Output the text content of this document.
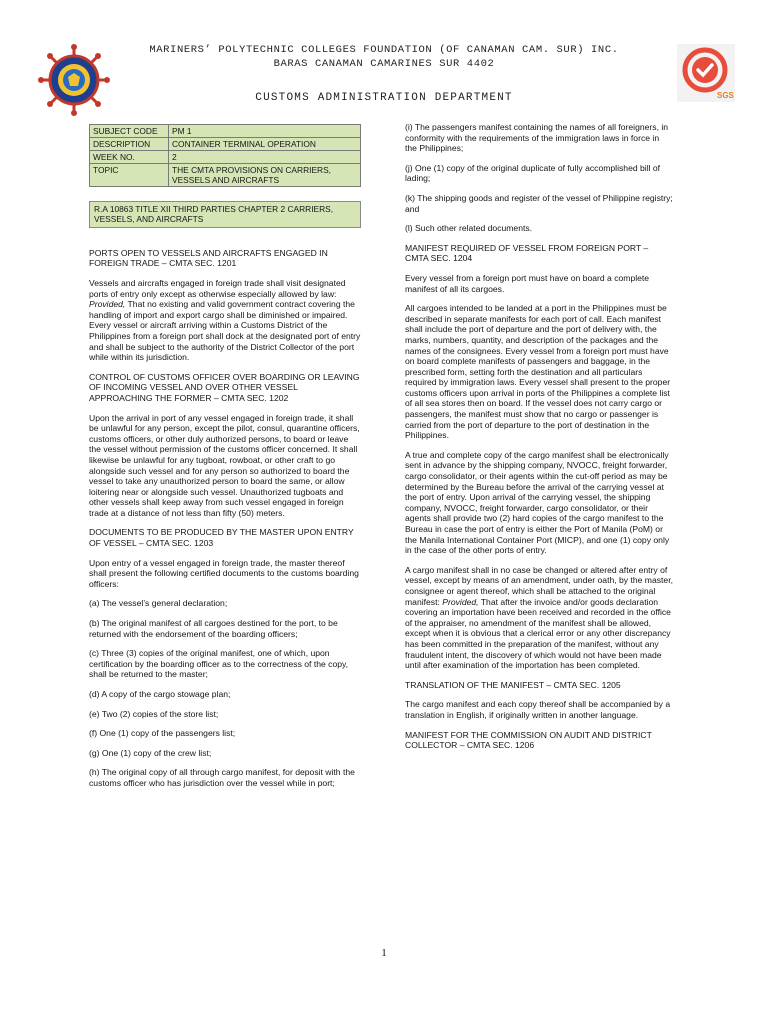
SGS
MARINERS’ POLYTECHNIC COLLEGES FOUNDATION (OF CANAMAN CAM. SUR) INC.
BARAS CANAMAN CAMARINES SUR 4402
CUSTOMS ADMINISTRATION DEPARTMENT
SUBJECT CODE	PM 1
DESCRIPTION	CONTAINER TERMINAL OPERATION
WEEK NO.	2
TOPIC	THE CMTA PROVISIONS ON CARRIERS, VESSELS AND AIRCRAFTS
R.A 10863 TITLE XII THIRD PARTIES CHAPTER 2 CARRIERS, VESSELS, AND AIRCRAFTS

PORTS OPEN TO VESSELS AND AIRCRAFTS ENGAGED IN FOREIGN TRADE – CMTA SEC. 1201

Vessels and aircrafts engaged in foreign trade shall visit designated ports of entry only except as otherwise especially allowed by law: Provided, That no existing and valid government contract covering the handling of import and export cargo shall be diminished or impaired. Every vessel or aircraft arriving within a Customs District of the Philippines from a foreign port shall dock at the designated port of entry and shall be subject to the authority of the District Collector of the port while within its jurisdiction.

CONTROL OF CUSTOMS OFFICER OVER BOARDING OR LEAVING OF INCOMING VESSEL AND OVER OTHER VESSEL APPROACHING THE FORMER – CMTA SEC. 1202

Upon the arrival in port of any vessel engaged in foreign trade, it shall be unlawful for any person, except the pilot, consul, quarantine officers, customs officers, or other duly authorized persons, to board or leave the vessel without permission of the customs officer concerned. It shall likewise be unlawful for any tugboat, rowboat, or other craft to go alongside such vessel and for any person so authorized to board the vessel to take any unauthorized person to board the same, or allow loitering near or alongside such vessel. Unauthorized tugboats and other vessels shall keep away from such vessel engaged in foreign trade at a distance of not less than fifty (50) meters.

DOCUMENTS TO BE PRODUCED BY THE MASTER UPON ENTRY OF VESSEL – CMTA SEC. 1203

Upon entry of a vessel engaged in foreign trade, the master thereof shall present the following certified documents to the customs boarding officers:

(a) The vessel’s general declaration;

(b) The original manifest of all cargoes destined for the port, to be returned with the endorsement of the boarding officers;

(c) Three (3) copies of the original manifest, one of which, upon certification by the boarding officer as to the correctness of the copy, shall be returned to the master;

(d) A copy of the cargo stowage plan;

(e) Two (2) copies of the store list;

(f) One (1) copy of the passengers list;

(g) One (1) copy of the crew list;

(h) The original copy of all through cargo manifest, for deposit with the customs officer who has jurisdiction over the vessel while in port;

(i) The passengers manifest containing the names of all foreigners, in conformity with the requirements of the immigration laws in force in the Philippines;

(j) One (1) copy of the original duplicate of fully accomplished bill of lading;

(k) The shipping goods and register of the vessel of Philippine registry; and

(l) Such other related documents.

MANIFEST REQUIRED OF VESSEL FROM FOREIGN PORT – CMTA SEC. 1204

Every vessel from a foreign port must have on board a complete manifest of all its cargoes.

All cargoes intended to be landed at a port in the Philippines must be described in separate manifests for each port of call. Each manifest shall include the port of departure and the port of delivery with, the marks, numbers, quantity, and description of the packages and the names of the consignees. Every vessel from a foreign port must have on board complete manifests of passengers and baggage, in the prescribed form, setting forth the destination and all particulars required by immigration laws. Every vessel shall present to the proper customs officers upon arrival in ports of the Philippines a complete list of all sea stores then on board. If the vessel does not carry cargo or passengers, the manifest must show that no cargo or passenger is carried from the port of departure to the port of destination in the Philippines.

A true and complete copy of the cargo manifest shall be electronically sent in advance by the shipping company, NVOCC, freight forwarder, cargo consolidator, or their agents within the cut-off period as may be determined by the Bureau before the arrival of the carrying vessel at the port of entry. Upon arrival of the carrying vessel, the shipping company, NVOCC, freight forwarder, cargo consolidator, or their agents shall provide two (2) hard copies of the cargo manifest to the Bureau in case the port of entry is either the Port of Manila (PoM) or the Manila International Container Port (MICP), and one (1) copy only in the case of the other ports of entry.

A cargo manifest shall in no case be changed or altered after entry of vessel, except by means of an amendment, under oath, by the master, consignee or agent thereof, which shall be attached to the original manifest: Provided, That after the invoice and/or goods declaration covering an importation have been received and recorded in the office of the appraiser, no amendment of the manifest shall be allowed, except when it is obvious that a clerical error or any other discrepancy has been committed in the preparation of the manifest, without any fraudulent intent, the discovery of which would not have been made until after examination of the importation has been completed.

TRANSLATION OF THE MANIFEST – CMTA SEC. 1205

The cargo manifest and each copy thereof shall be accompanied by a translation in English, if originally written in another language.

MANIFEST FOR THE COMMISSION ON AUDIT AND DISTRICT COLLECTOR – CMTA SEC. 1206

1
